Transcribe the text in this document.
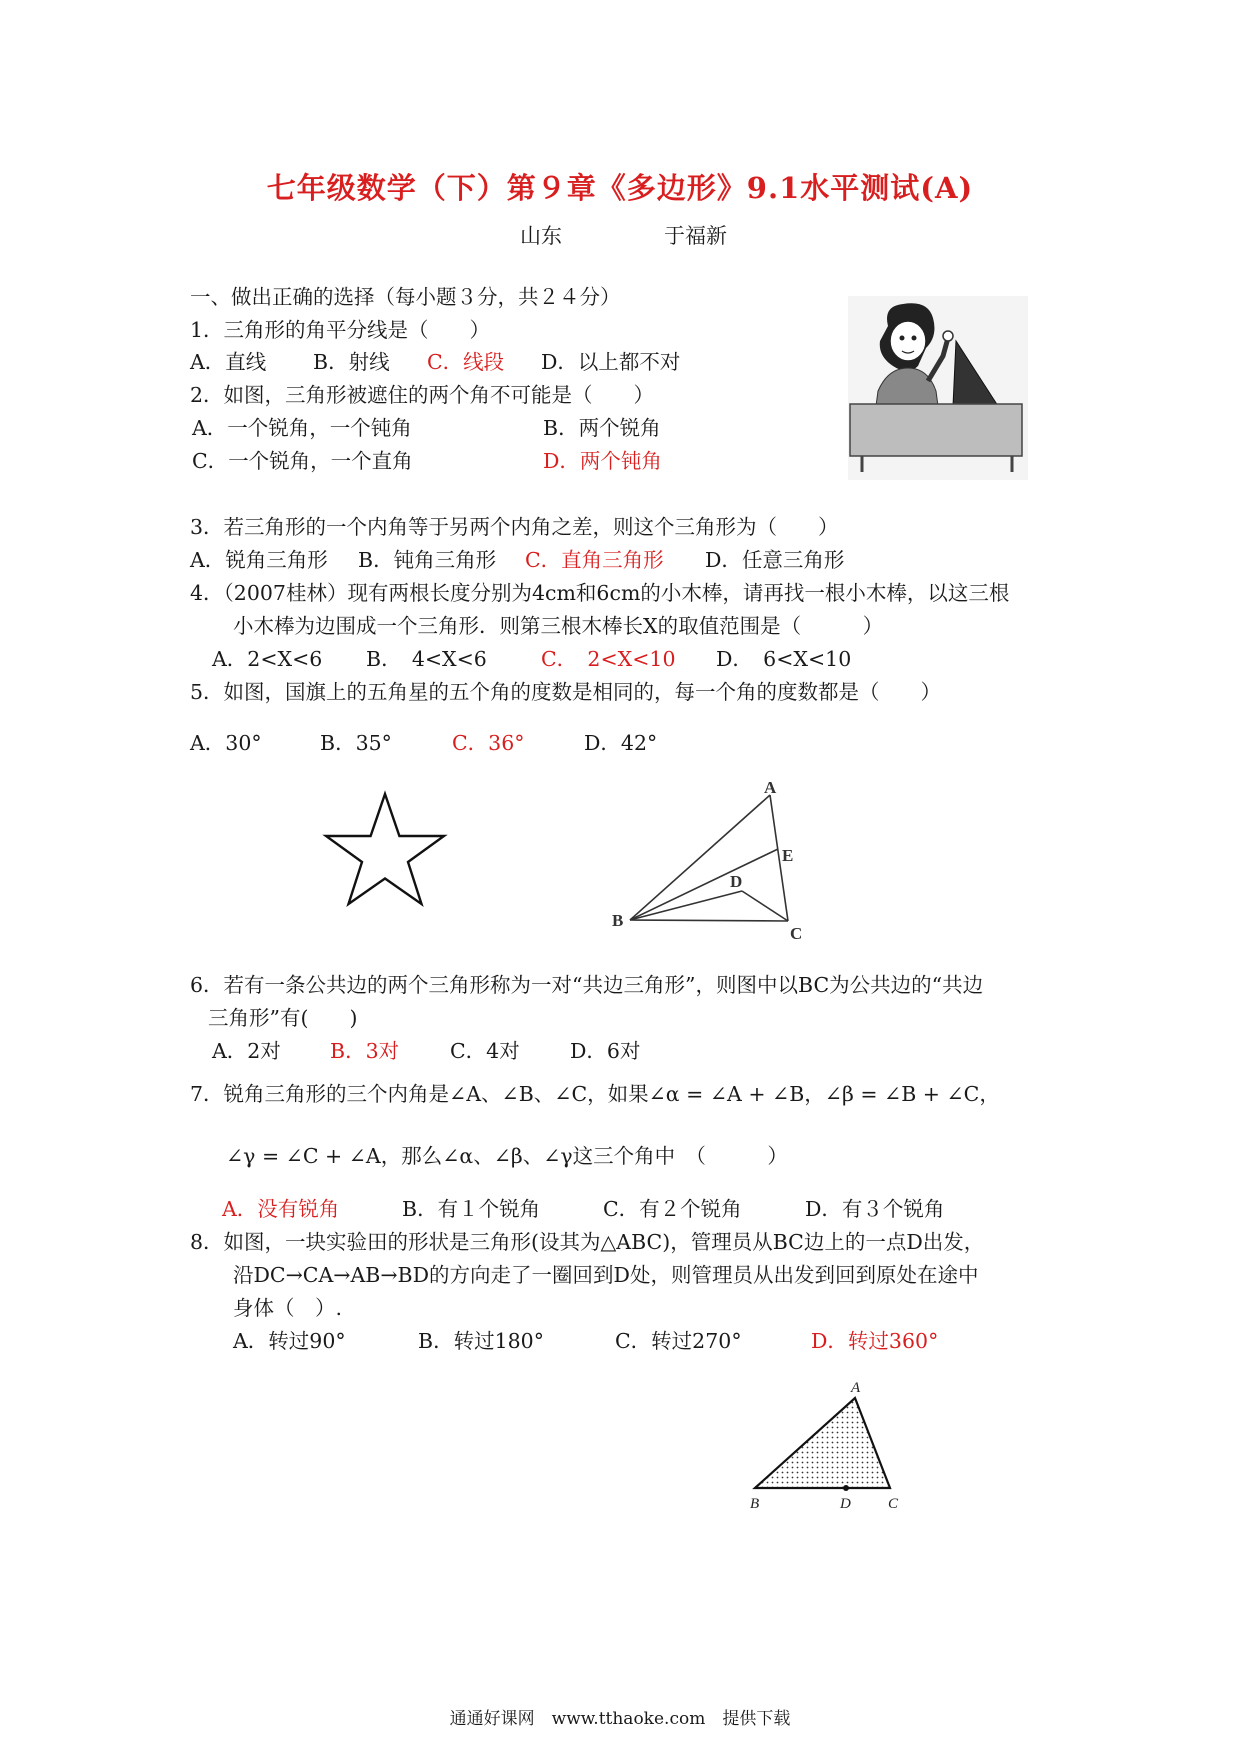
七年级数学（下）第９章《多边形》9.1水平测试(A)
山东	于福新
一、做出正确的选择（每小题３分，共２４分）
1．三角形的角平分线是（　　）
A．直线 B．射线 C．线段 D．以上都不对
2．如图，三角形被遮住的两个角不可能是（　　）
A．一个锐角，一个钝角	B．两个锐角
C．一个锐角，一个直角	D．两个钝角
3．若三角形的一个内角等于另两个内角之差，则这个三角形为（　　）
A．锐角三角形 B．钝角三角形 C．直角三角形 D．任意三角形
4．（2007桂林）现有两根长度分别为4cm和6cm的小木棒，请再找一根小木棒，以这三根
小木棒为边围成一个三角形．则第三根木棒长X的取值范围是（　　　）
A．2<X<6 B．　4<X<6	C．　2<X<10 D．　6<X<10
5．如图，国旗上的五角星的五个角的度数是相同的，每一个角的度数都是（　　）
A．30°	B．35°	C．36°	D．42°
A
B
C
D
E
6．若有一条公共边的两个三角形称为一对“共边三角形”，则图中以BC为公共边的“共边
三角形”有(　　)
A．2对 B．3对 C．4对 D．6对
7．锐角三角形的三个内角是∠A、∠B、∠C，如果∠α = ∠A + ∠B，∠β = ∠B + ∠C，
∠γ = ∠C + ∠A，那么∠α、∠β、∠γ这三个角中　（　　　）
A．没有锐角	B．有１个锐角	C．有２个锐角	D．有３个锐角
8．如图，一块实验田的形状是三角形(设其为△ABC)，管理员从BC边上的一点D出发，
沿DC→CA→AB→BD的方向走了一圈回到D处，则管理员从出发到回到原处在途中
身体（　）.
A．转过90°	B．转过180°	C．转过270°	D．转过360°
A
B	D C
通通好课网　www.tthaoke.com　提供下载
